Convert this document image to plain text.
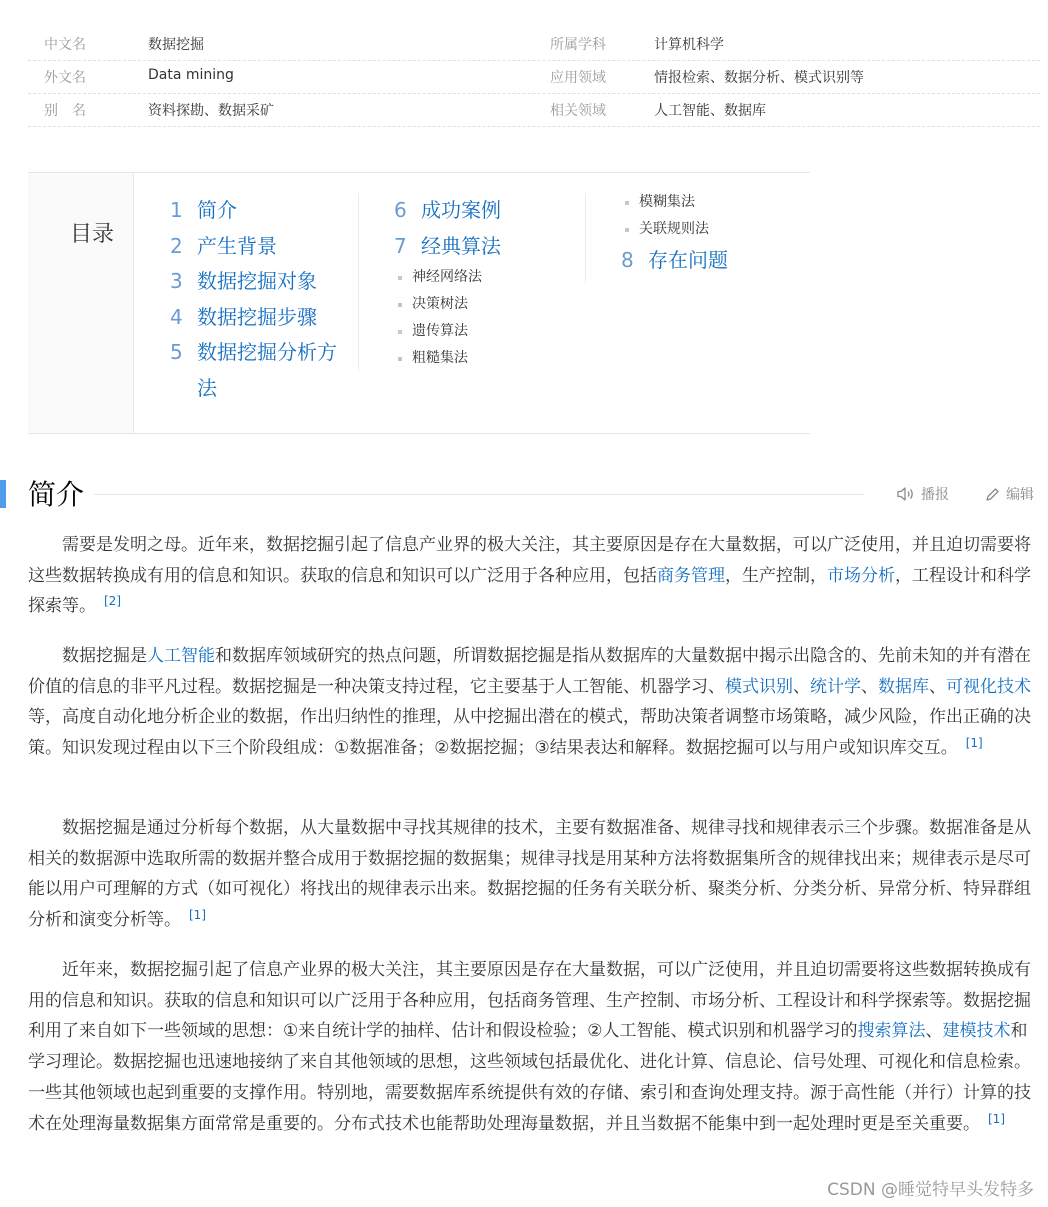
中文名	数据挖掘	所属学科	计算机科学
外文名	Data mining	应用领域	情报检索、数据分析、模式识别等
别　名	资料探勘、数据采矿	相关领域	人工智能、数据库
目录
1 简介
2 产生背景
3 数据挖掘对象
4 数据挖掘步骤
5 数据挖掘分析方法
6 成功案例
7 经典算法
神经网络法
决策树法
遗传算法
粗糙集法
模糊集法
关联规则法
8 存在问题
简介	播报	编辑

需要是发明之母。近年来，数据挖掘引起了信息产业界的极大关注，其主要原因是存在大量数据，可以广泛使用，并且迫切需要将这些数据转换成有用的信息和知识。获取的信息和知识可以广泛用于各种应用，包括商务管理，生产控制，市场分析，工程设计和科学探索等。 [2]

数据挖掘是人工智能和数据库领域研究的热点问题，所谓数据挖掘是指从数据库的大量数据中揭示出隐含的、先前未知的并有潜在价值的信息的非平凡过程。数据挖掘是一种决策支持过程，它主要基于人工智能、机器学习、模式识别、统计学、数据库、可视化技术等，高度自动化地分析企业的数据，作出归纳性的推理，从中挖掘出潜在的模式，帮助决策者调整市场策略，减少风险，作出正确的决策。知识发现过程由以下三个阶段组成：①数据准备；②数据挖掘；③结果表达和解释。数据挖掘可以与用户或知识库交互。 [1]

数据挖掘是通过分析每个数据，从大量数据中寻找其规律的技术，主要有数据准备、规律寻找和规律表示三个步骤。数据准备是从相关的数据源中选取所需的数据并整合成用于数据挖掘的数据集；规律寻找是用某种方法将数据集所含的规律找出来；规律表示是尽可能以用户可理解的方式（如可视化）将找出的规律表示出来。数据挖掘的任务有关联分析、聚类分析、分类分析、异常分析、特异群组分析和演变分析等。 [1]

近年来，数据挖掘引起了信息产业界的极大关注，其主要原因是存在大量数据，可以广泛使用，并且迫切需要将这些数据转换成有用的信息和知识。获取的信息和知识可以广泛用于各种应用，包括商务管理、生产控制、市场分析、工程设计和科学探索等。数据挖掘利用了来自如下一些领域的思想：①来自统计学的抽样、估计和假设检验；②人工智能、模式识别和机器学习的搜索算法、建模技术和学习理论。数据挖掘也迅速地接纳了来自其他领域的思想，这些领域包括最优化、进化计算、信息论、信号处理、可视化和信息检索。一些其他领域也起到重要的支撑作用。特别地，需要数据库系统提供有效的存储、索引和查询处理支持。源于高性能（并行）计算的技术在处理海量数据集方面常常是重要的。分布式技术也能帮助处理海量数据，并且当数据不能集中到一起处理时更是至关重要。 [1]

CSDN @睡觉特早头发特多
